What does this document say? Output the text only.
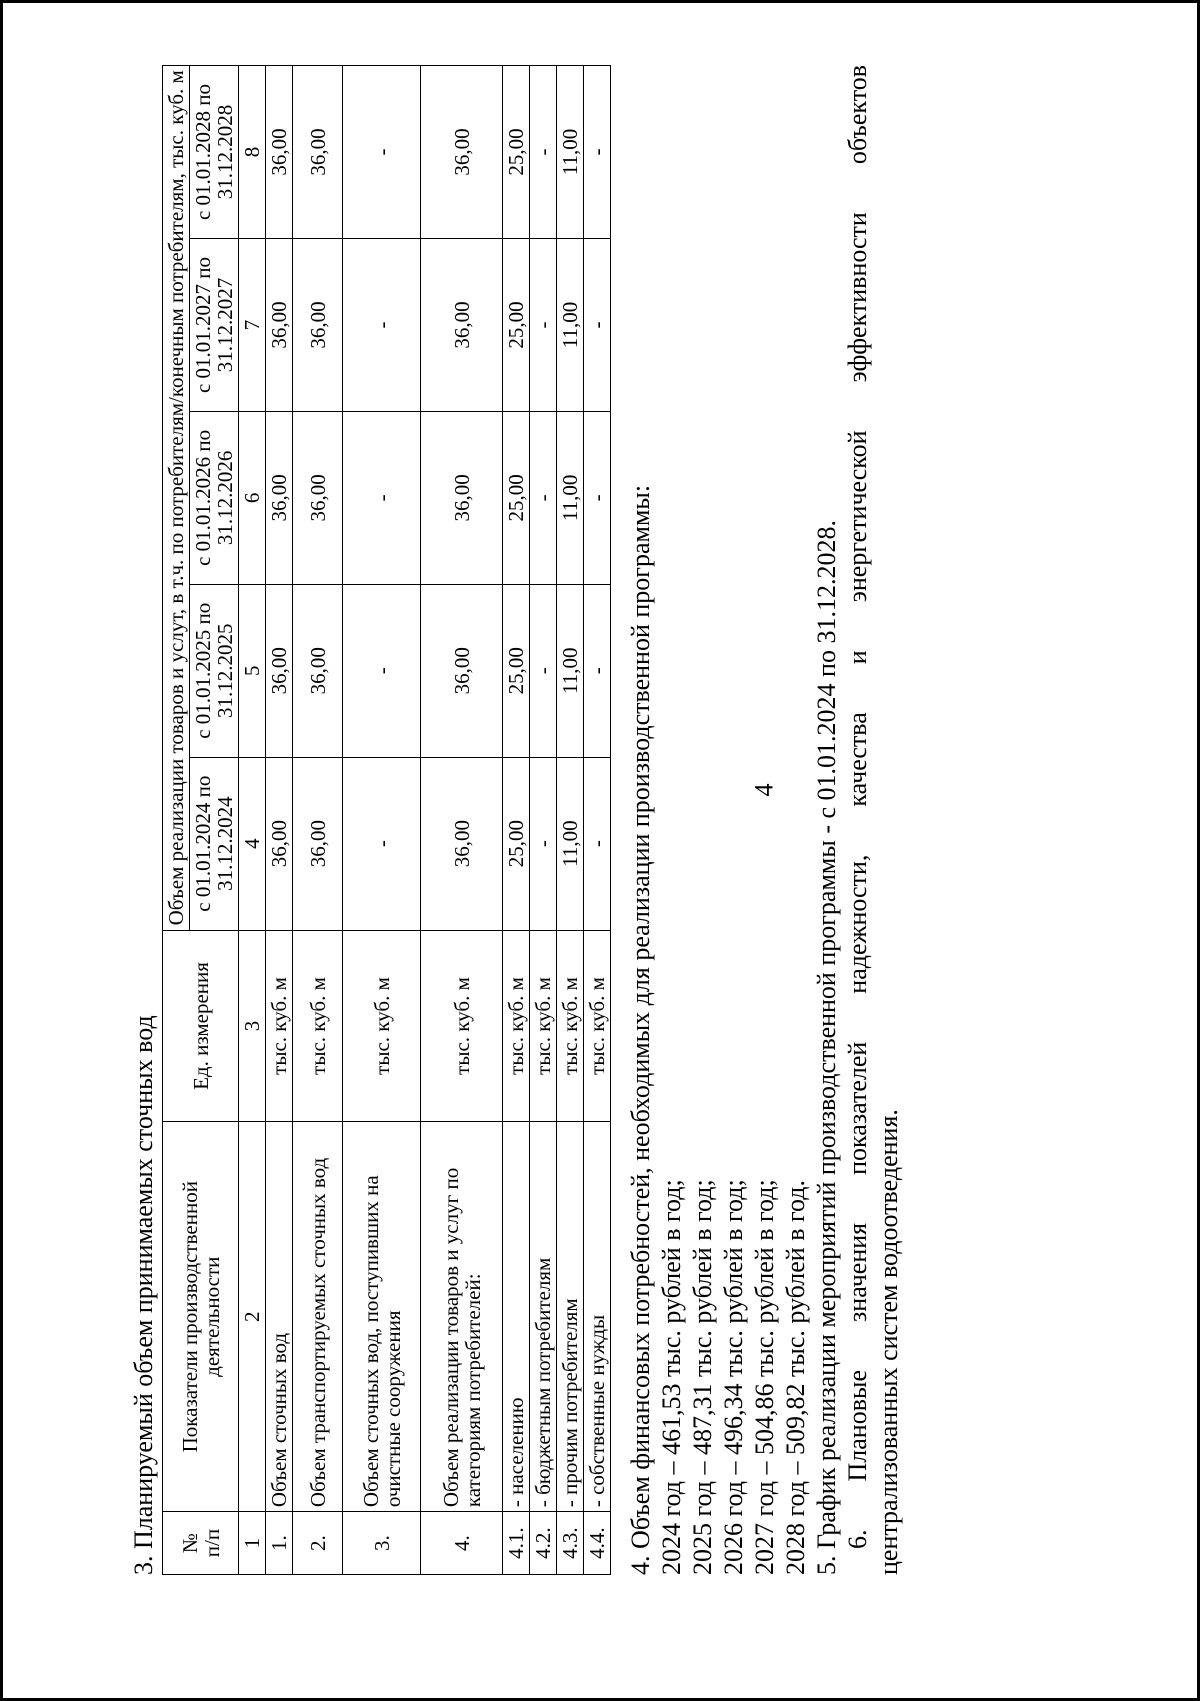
4
3. Планируемый объем принимаемых сточных вод №
п/п	Показатели производственной деятельности	Ед. измерения	Объем реализации товаров и услут, в т.ч. по потребителям/конечным потребителям, тыс. куб. м				
			с 01.01.2024 по 31.12.2024	с 01.01.2025 по 31.12.2025	с 01.01.2026 по 31.12.2026	с 01.01.2027 по 31.12.2027	с 01.01.2028 по 31.12.2028
1	2	3	4	5	6	7	8
1.	Объем сточных вод	тыс. куб. м	36,00	36,00	36,00	36,00	36,00
2.	Объем транспортируемых сточных вод	тыс. куб. м	36,00	36,00	36,00	36,00	36,00
3.	Объем сточных вод, поступивших на очистные сооружения	тыс. куб. м	-	-	-	-	-
4.	Объем реализации товаров и услуг по категориям потребителей:	тыс. куб. м	36,00	36,00	36,00	36,00	36,00
4.1.	- населению	тыс. куб. м	25,00	25,00	25,00	25,00	25,00
4.2.	- бюджетным потребителям	тыс. куб. м	-	-	-	-	-
4.3.	- прочим потребителям	тыс. куб. м	11,00	11,00	11,00	11,00	11,00
4.4.	- собственные нужды	тыс. куб. м	-	-	-	-	-

4. Объем финансовых потребностей, необходимых для реализации производственной программы: 2024 год – 461,53 тыс. рублей в год; 2025 год – 487,31 тыс. рублей в год; 2026 год – 496,34 тыс. рублей в год; 2027 год – 504,86 тыс. рублей в год; 2028 год – 509,82 тыс. рублей в год. 5. График реализации мероприятий производственной программы - с 01.01.2024 по 31.12.2028. 6. Плановые значения показателей надежности, качества и энергетической эффективности объектов централизованных систем водоотведения.
